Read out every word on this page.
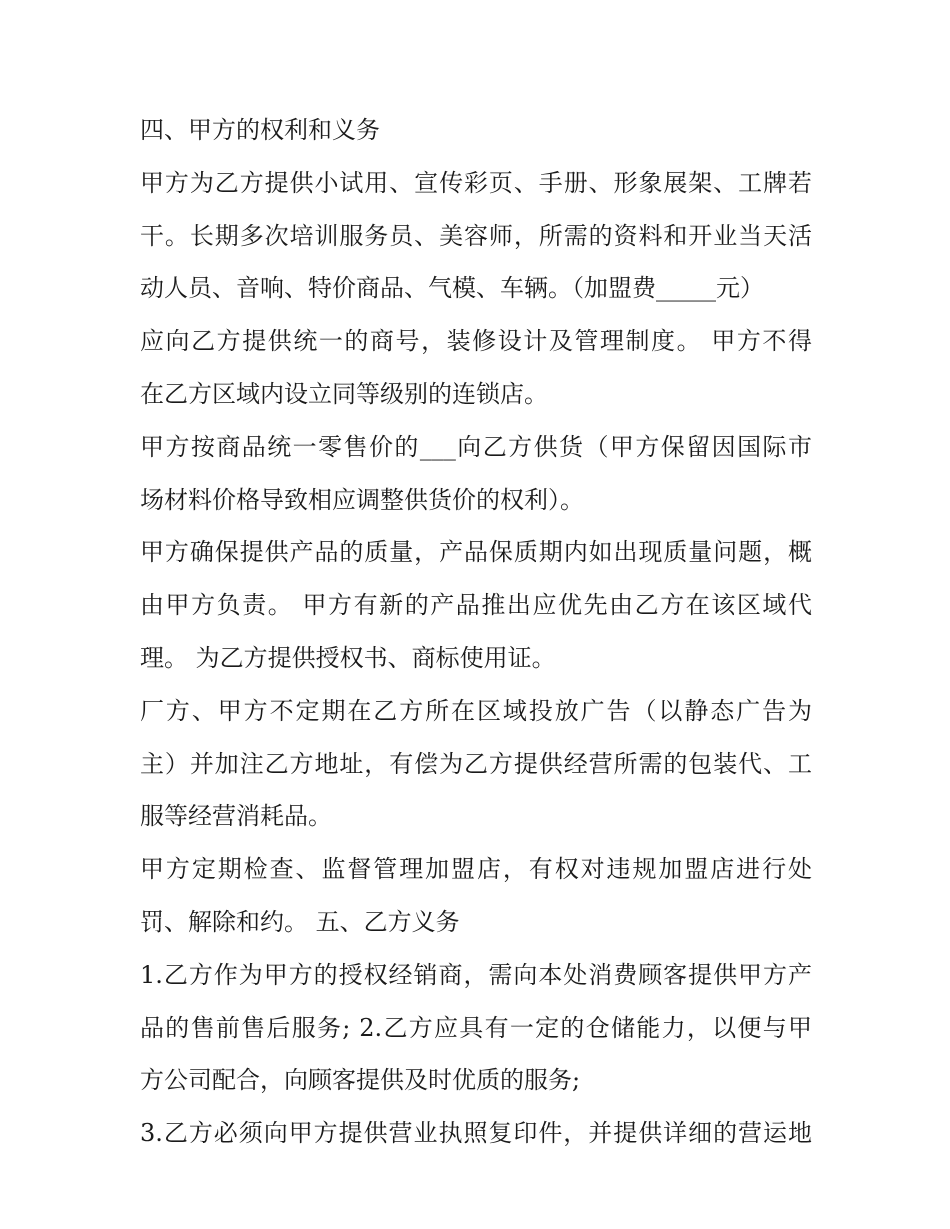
四、甲方的权利和义务
甲方为乙方提供小试用、宣传彩页、手册、形象展架、工牌若
干。长期多次培训服务员、美容师，所需的资料和开业当天活
动人员、音响、特价商品、气模、车辆。（加盟费_____元）
应向乙方提供统一的商号，装修设计及管理制度。 甲方不得
在乙方区域内设立同等级别的连锁店。
甲方按商品统一零售价的___向乙方供货（甲方保留因国际市
场材料价格导致相应调整供货价的权利）。
甲方确保提供产品的质量，产品保质期内如出现质量问题，概
由甲方负责。 甲方有新的产品推出应优先由乙方在该区域代
理。 为乙方提供授权书、商标使用证。
厂方、甲方不定期在乙方所在区域投放广告（以静态广告为
主）并加注乙方地址，有偿为乙方提供经营所需的包装代、工
服等经营消耗品。
甲方定期检查、监督管理加盟店，有权对违规加盟店进行处
罚、解除和约。 五、乙方义务
1.乙方作为甲方的授权经销商，需向本处消费顾客提供甲方产
品的售前售后服务; 2.乙方应具有一定的仓储能力，以便与甲
方公司配合，向顾客提供及时优质的服务;
3.乙方必须向甲方提供营业执照复印件，并提供详细的营运地
